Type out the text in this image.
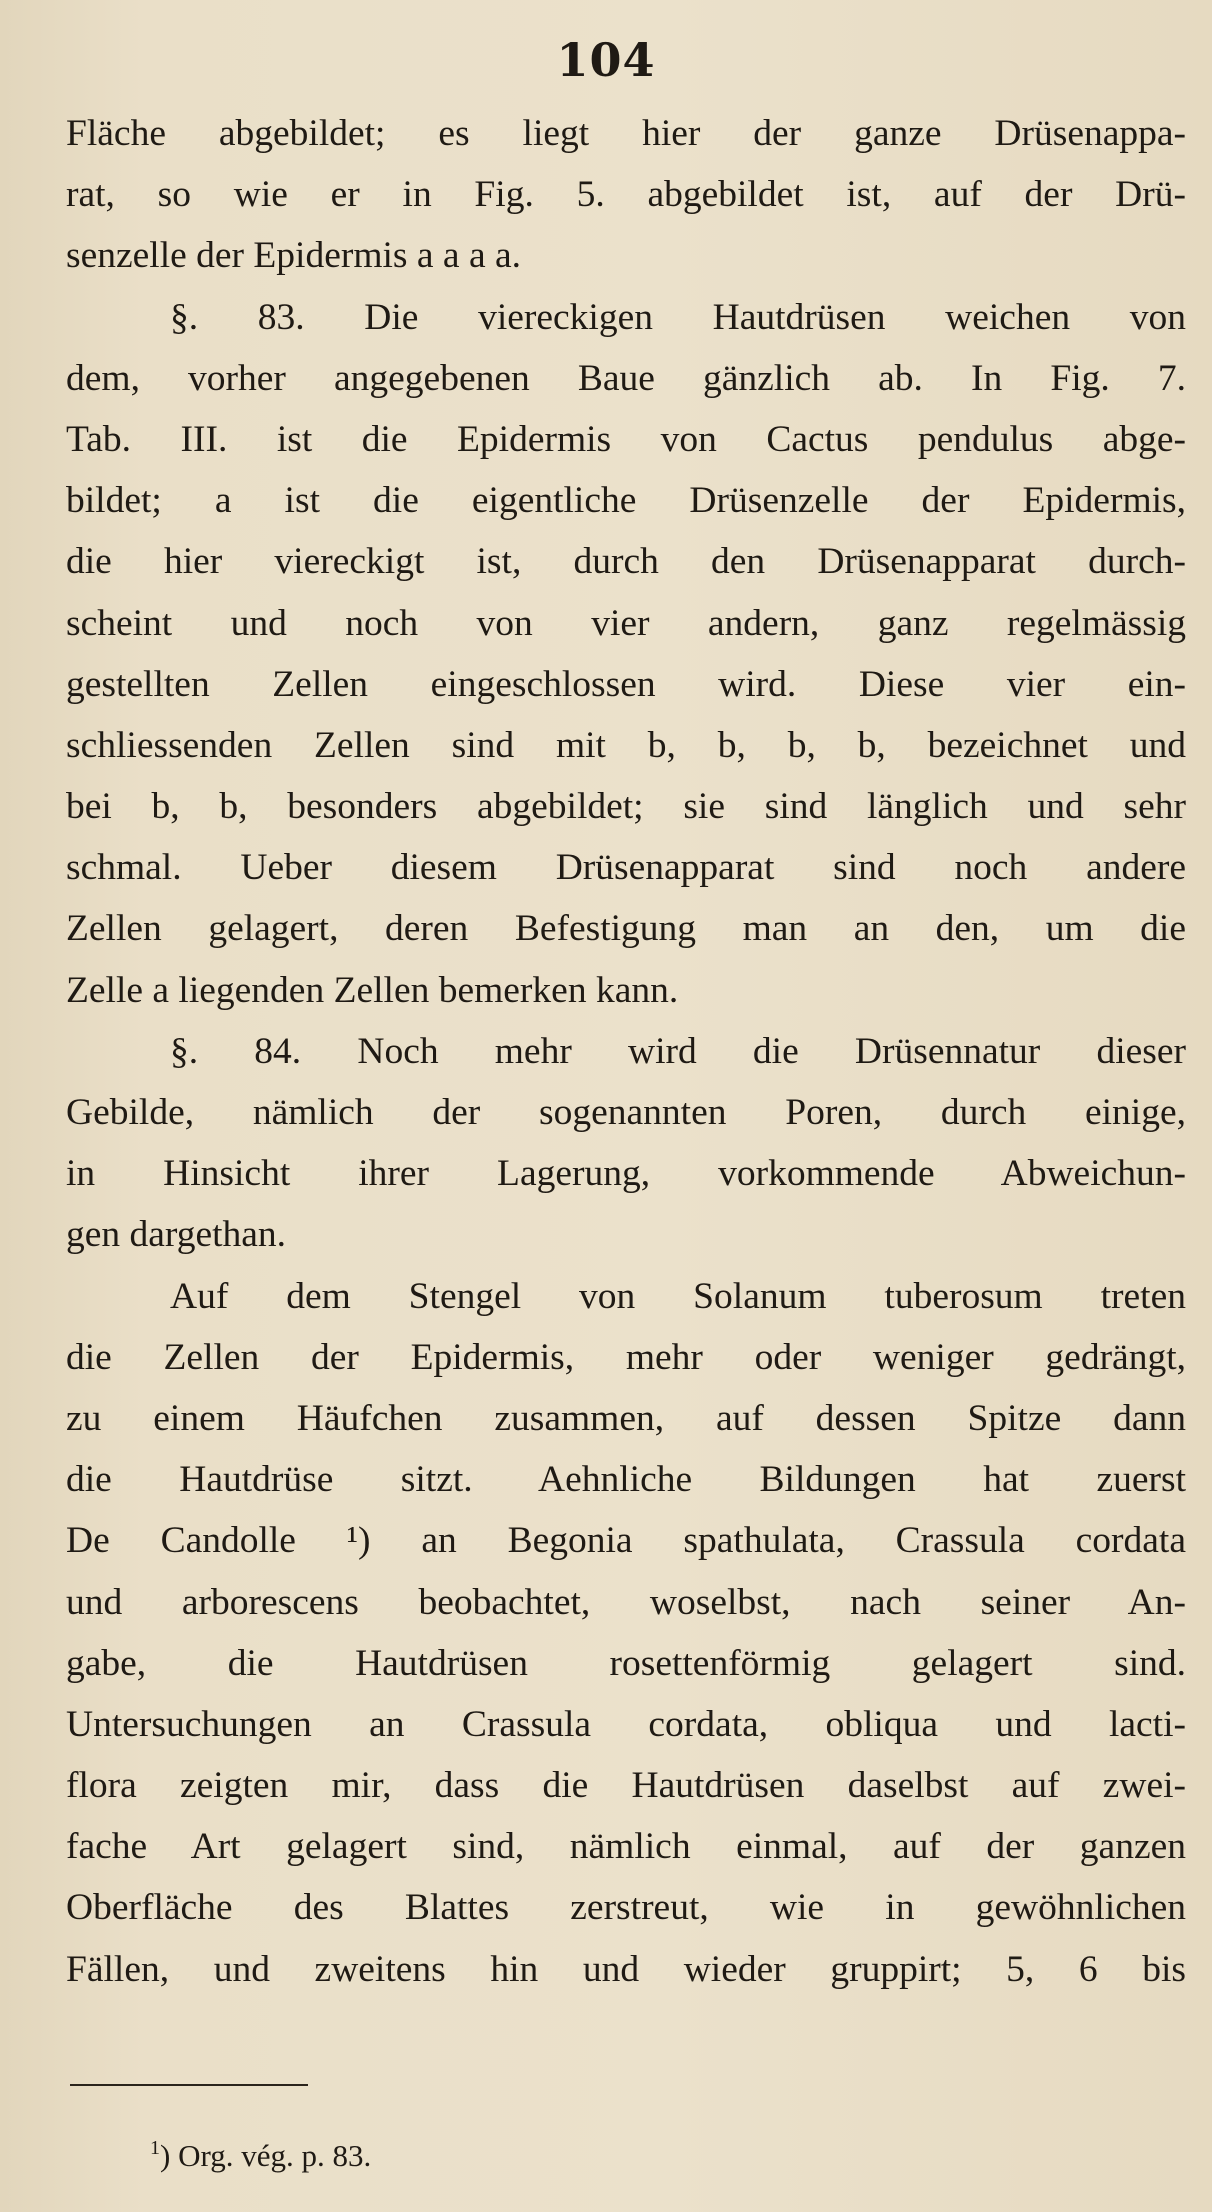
104
Fläche abgebildet; es liegt hier der ganze Drüsenappa-
rat, so wie er in Fig. 5. abgebildet ist, auf der Drü-
senzelle der Epidermis a a a a.
§. 83. Die viereckigen Hautdrüsen weichen von
dem, vorher angegebenen Baue gänzlich ab. In Fig. 7.
Tab. III. ist die Epidermis von Cactus pendulus abge-
bildet; a ist die eigentliche Drüsenzelle der Epidermis,
die hier viereckigt ist, durch den Drüsenapparat durch-
scheint und noch von vier andern, ganz regelmässig
gestellten Zellen eingeschlossen wird. Diese vier ein-
schliessenden Zellen sind mit b, b, b, b, bezeichnet und
bei b, b, besonders abgebildet; sie sind länglich und sehr
schmal. Ueber diesem Drüsenapparat sind noch andere
Zellen gelagert, deren Befestigung man an den, um die
Zelle a liegenden Zellen bemerken kann.
§. 84. Noch mehr wird die Drüsennatur dieser
Gebilde, nämlich der sogenannten Poren, durch einige,
in Hinsicht ihrer Lagerung, vorkommende Abweichun-
gen dargethan.
Auf dem Stengel von Solanum tuberosum treten
die Zellen der Epidermis, mehr oder weniger gedrängt,
zu einem Häufchen zusammen, auf dessen Spitze dann
die Hautdrüse sitzt. Aehnliche Bildungen hat zuerst
De Candolle ¹) an Begonia spathulata, Crassula cordata
und arborescens beobachtet, woselbst, nach seiner An-
gabe, die Hautdrüsen rosettenförmig gelagert sind.
Untersuchungen an Crassula cordata, obliqua und lacti-
flora zeigten mir, dass die Hautdrüsen daselbst auf zwei-
fache Art gelagert sind, nämlich einmal, auf der ganzen
Oberfläche des Blattes zerstreut, wie in gewöhnlichen
Fällen, und zweitens hin und wieder gruppirt; 5, 6 bis
$^1$) Org. vég. p. 83.
